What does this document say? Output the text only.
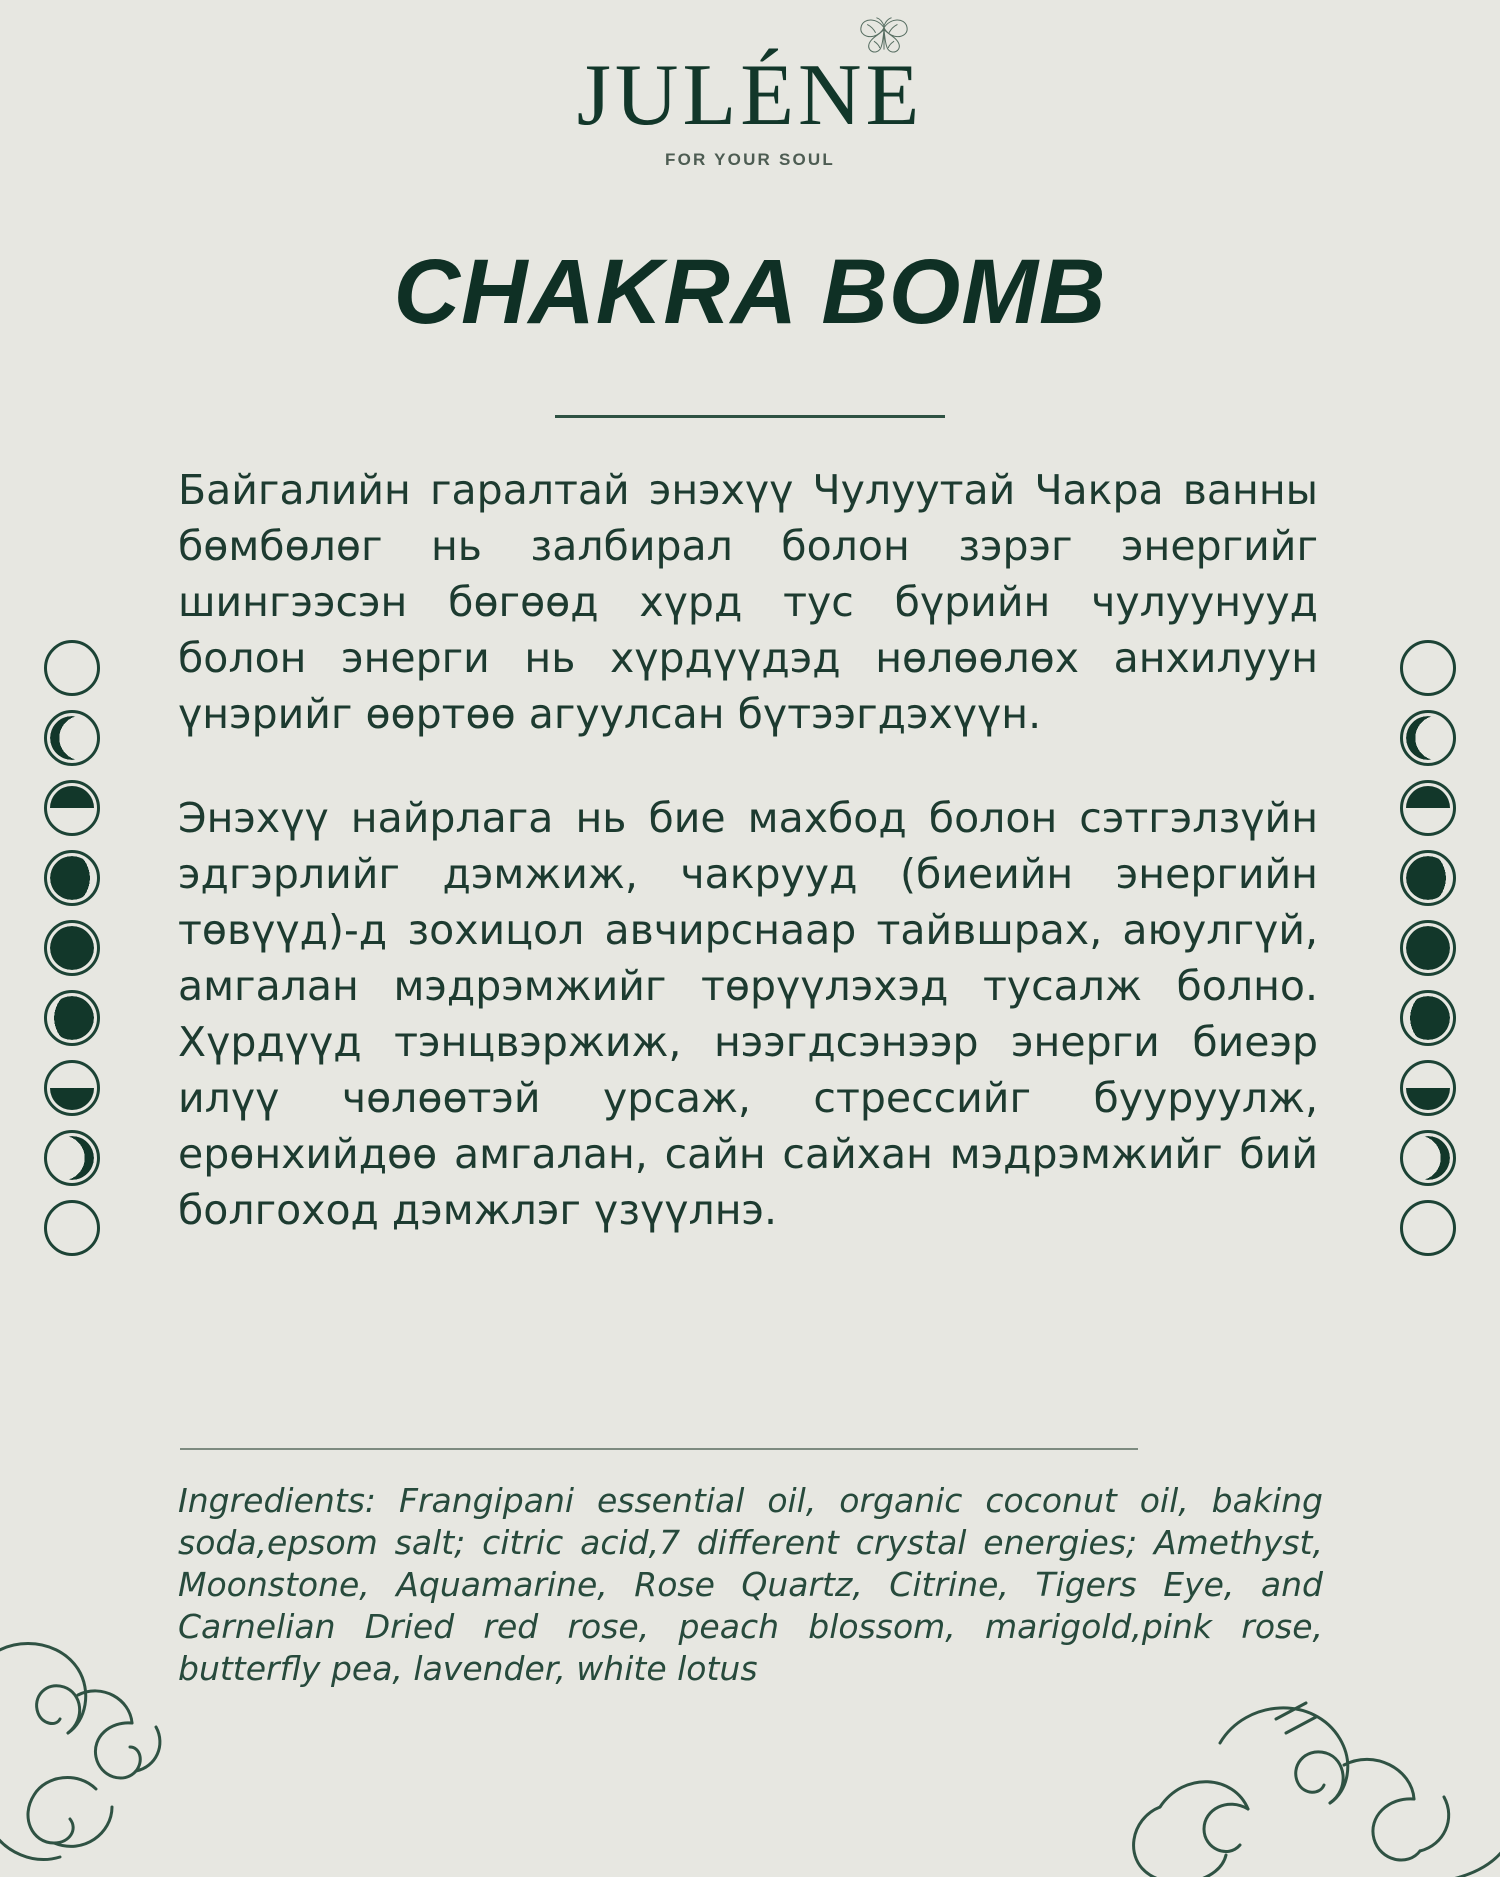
JULÉNE
FOR YOUR SOUL
CHAKRA BOMB

Байгалийн гаралтай энэхүү Чулуутай Чакра ванны бөмбөлөг нь залбирал болон зэрэг энергийг шингээсэн бөгөөд хүрд тус бүрийн чулуунууд болон энерги нь хүрдүүдэд нөлөөлөх анхилуун үнэрийг өөртөө агуулсан бүтээгдэхүүн.

Энэхүү найрлага нь бие махбод болон сэтгэлзүйн эдгэрлийг дэмжиж, чакрууд (биеийн энергийн төвүүд)-д зохицол авчирснаар тайвшрах, аюулгүй, амгалан мэдрэмжийг төрүүлэхэд тусалж болно. Хүрдүүд тэнцвэржиж, нээгдсэнээр энерги биеэр илүү чөлөөтэй урсаж, стрессийг бууруулж, ерөнхийдөө амгалан, сайн сайхан мэдрэмжийг бий болгоход дэмжлэг үзүүлнэ.

Ingredients: Frangipani essential oil, organic coconut oil, baking soda,epsom salt; citric acid,7 different crystal energies; Amethyst, Moonstone, Aquamarine, Rose Quartz, Citrine, Tigers Eye, and Carnelian Dried red rose, peach blossom, marigold,pink rose, butterfly pea, lavender, white lotus
